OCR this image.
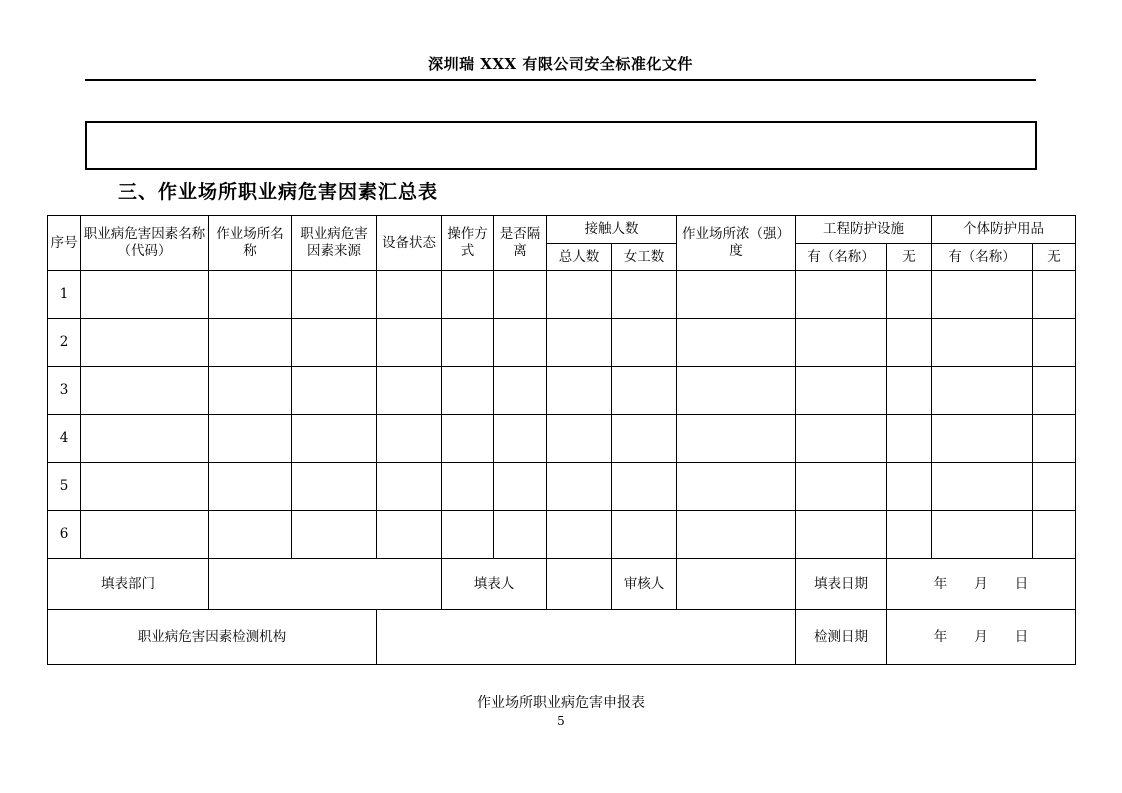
深圳瑞 XXX 有限公司安全标准化文件
三、作业场所职业病危害因素汇总表
序号	职业病危害因素名称（代码）	作业场所名称	职业病危害因素来源	设备状态	操作方式	是否隔离	接触人数		作业场所浓（强）度	工程防护设施		个体防护用品	
							总人数	女工数		有（名称）	无	有（名称）	无
1													
2													
3													
4													
5													
6													
填表部门					填表人			审核人		填表日期	年　　月　　日		
职业病危害因素检测机构										检测日期	年　　月　　日		
作业场所职业病危害申报表
5
